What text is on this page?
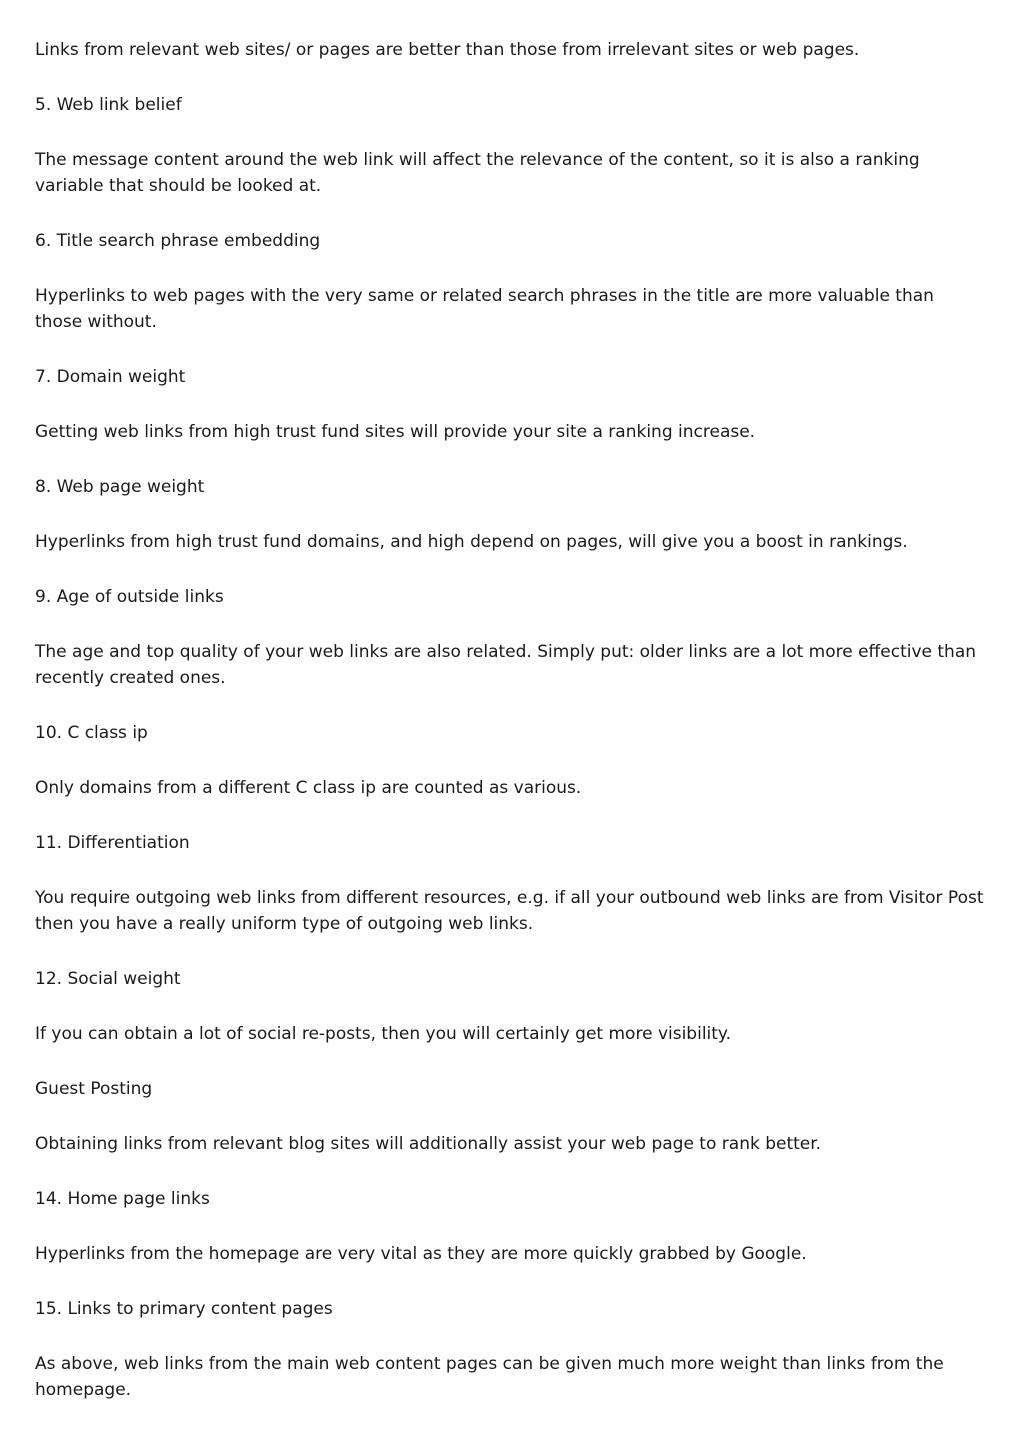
Links from relevant web sites/ or pages are better than those from irrelevant sites or web pages.

5. Web link belief

The message content around the web link will affect the relevance of the content, so it is also a ranking variable that should be looked at.

6. Title search phrase embedding

Hyperlinks to web pages with the very same or related search phrases in the title are more valuable than those without.

7. Domain weight

Getting web links from high trust fund sites will provide your site a ranking increase.

8. Web page weight

Hyperlinks from high trust fund domains, and high depend on pages, will give you a boost in rankings.

9. Age of outside links

The age and top quality of your web links are also related. Simply put: older links are a lot more effective than recently created ones.

10. C class ip

Only domains from a different C class ip are counted as various.

11. Differentiation

You require outgoing web links from different resources, e.g. if all your outbound web links are from Visitor Post then you have a really uniform type of outgoing web links.

12. Social weight

If you can obtain a lot of social re-posts, then you will certainly get more visibility.

Guest Posting

Obtaining links from relevant blog sites will additionally assist your web page to rank better.

14. Home page links

Hyperlinks from the homepage are very vital as they are more quickly grabbed by Google.

15. Links to primary content pages

As above, web links from the main web content pages can be given much more weight than links from the homepage.
